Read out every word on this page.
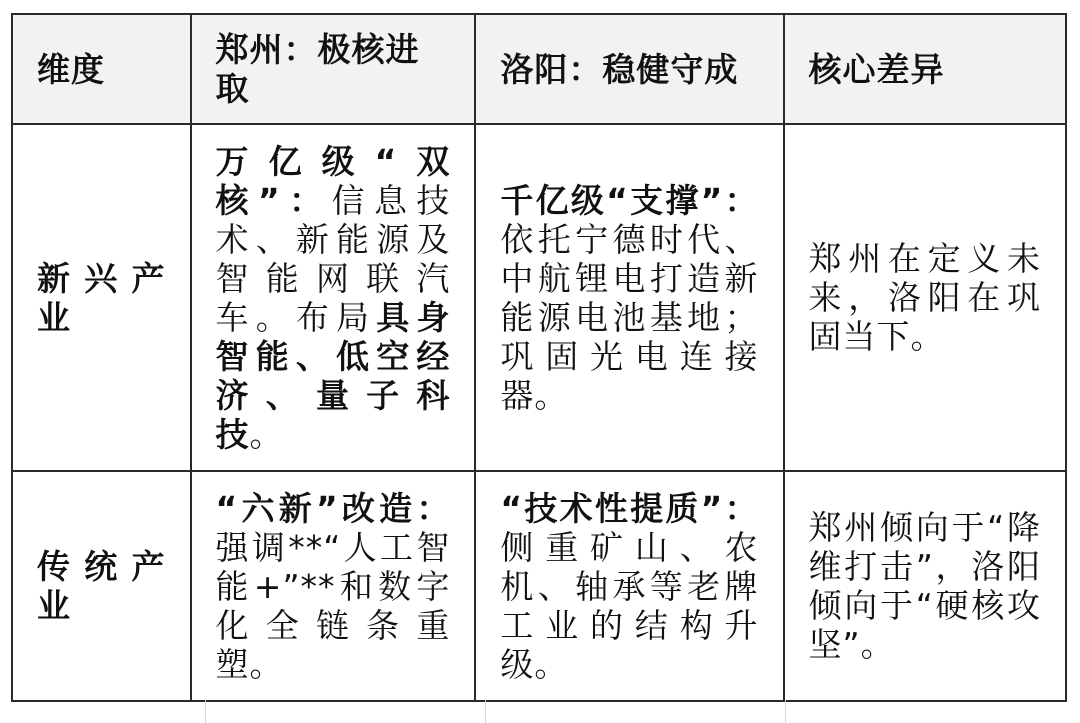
维度	郑州：极核进取	洛阳：稳健守成	核心差异
新兴产业	万亿级“双核”：信息技术、新能源及智能网联汽车。布局具身智能、低空经济、量子科技。	千亿级“支撑”：依托宁德时代、中航锂电打造新能源电池基地；巩固光电连接器。	郑州在定义未来，洛阳在巩固当下。
传统产业	“六新”改造：强调**“人工智能+”**和数字化全链条重塑。	“技术性提质”：侧重矿山、农机、轴承等老牌工业的结构升级。	郑州倾向于“降维打击”，洛阳倾向于“硬核攻坚”。
